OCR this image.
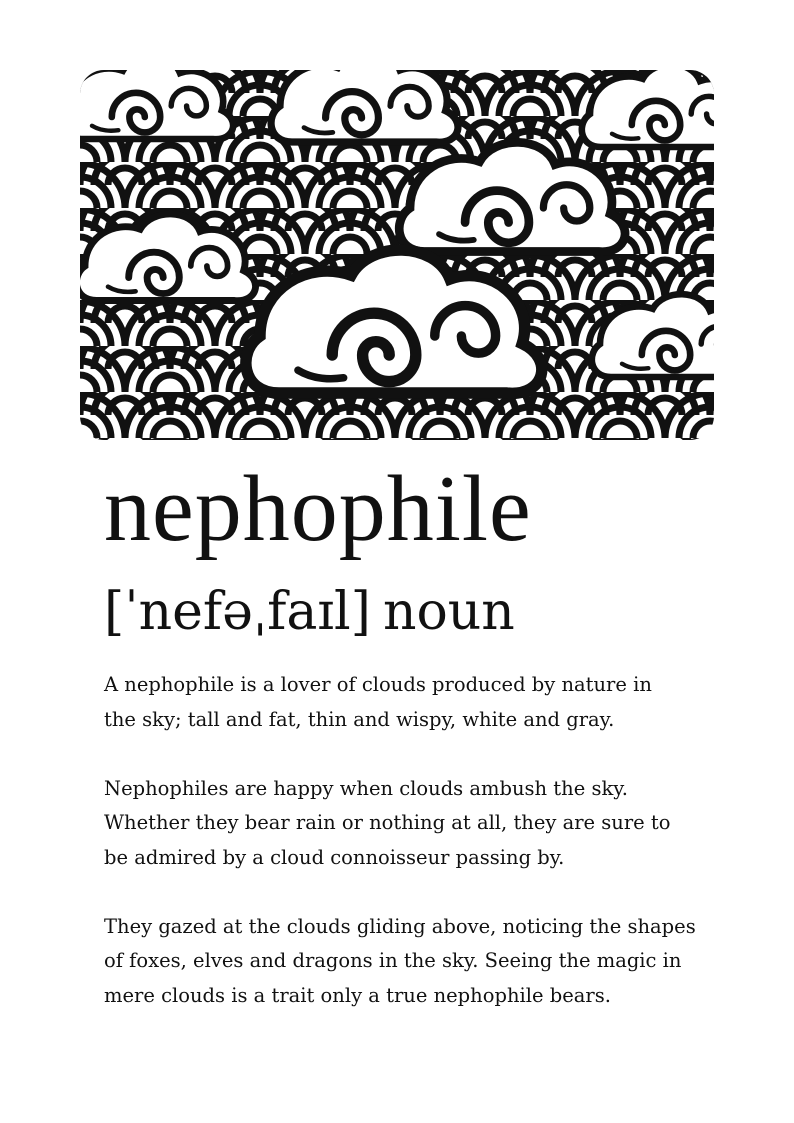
nephophile
[ˈnefəˌfaɪl] noun

A nephophile is a lover of clouds produced by nature in
the sky; tall and fat, thin and wispy, white and gray.

Nephophiles are happy when clouds ambush the sky.
Whether they bear rain or nothing at all, they are sure to
be admired by a cloud connoisseur passing by.

They gazed at the clouds gliding above, noticing the shapes
of foxes, elves and dragons in the sky. Seeing the magic in
mere clouds is a trait only a true nephophile bears.
